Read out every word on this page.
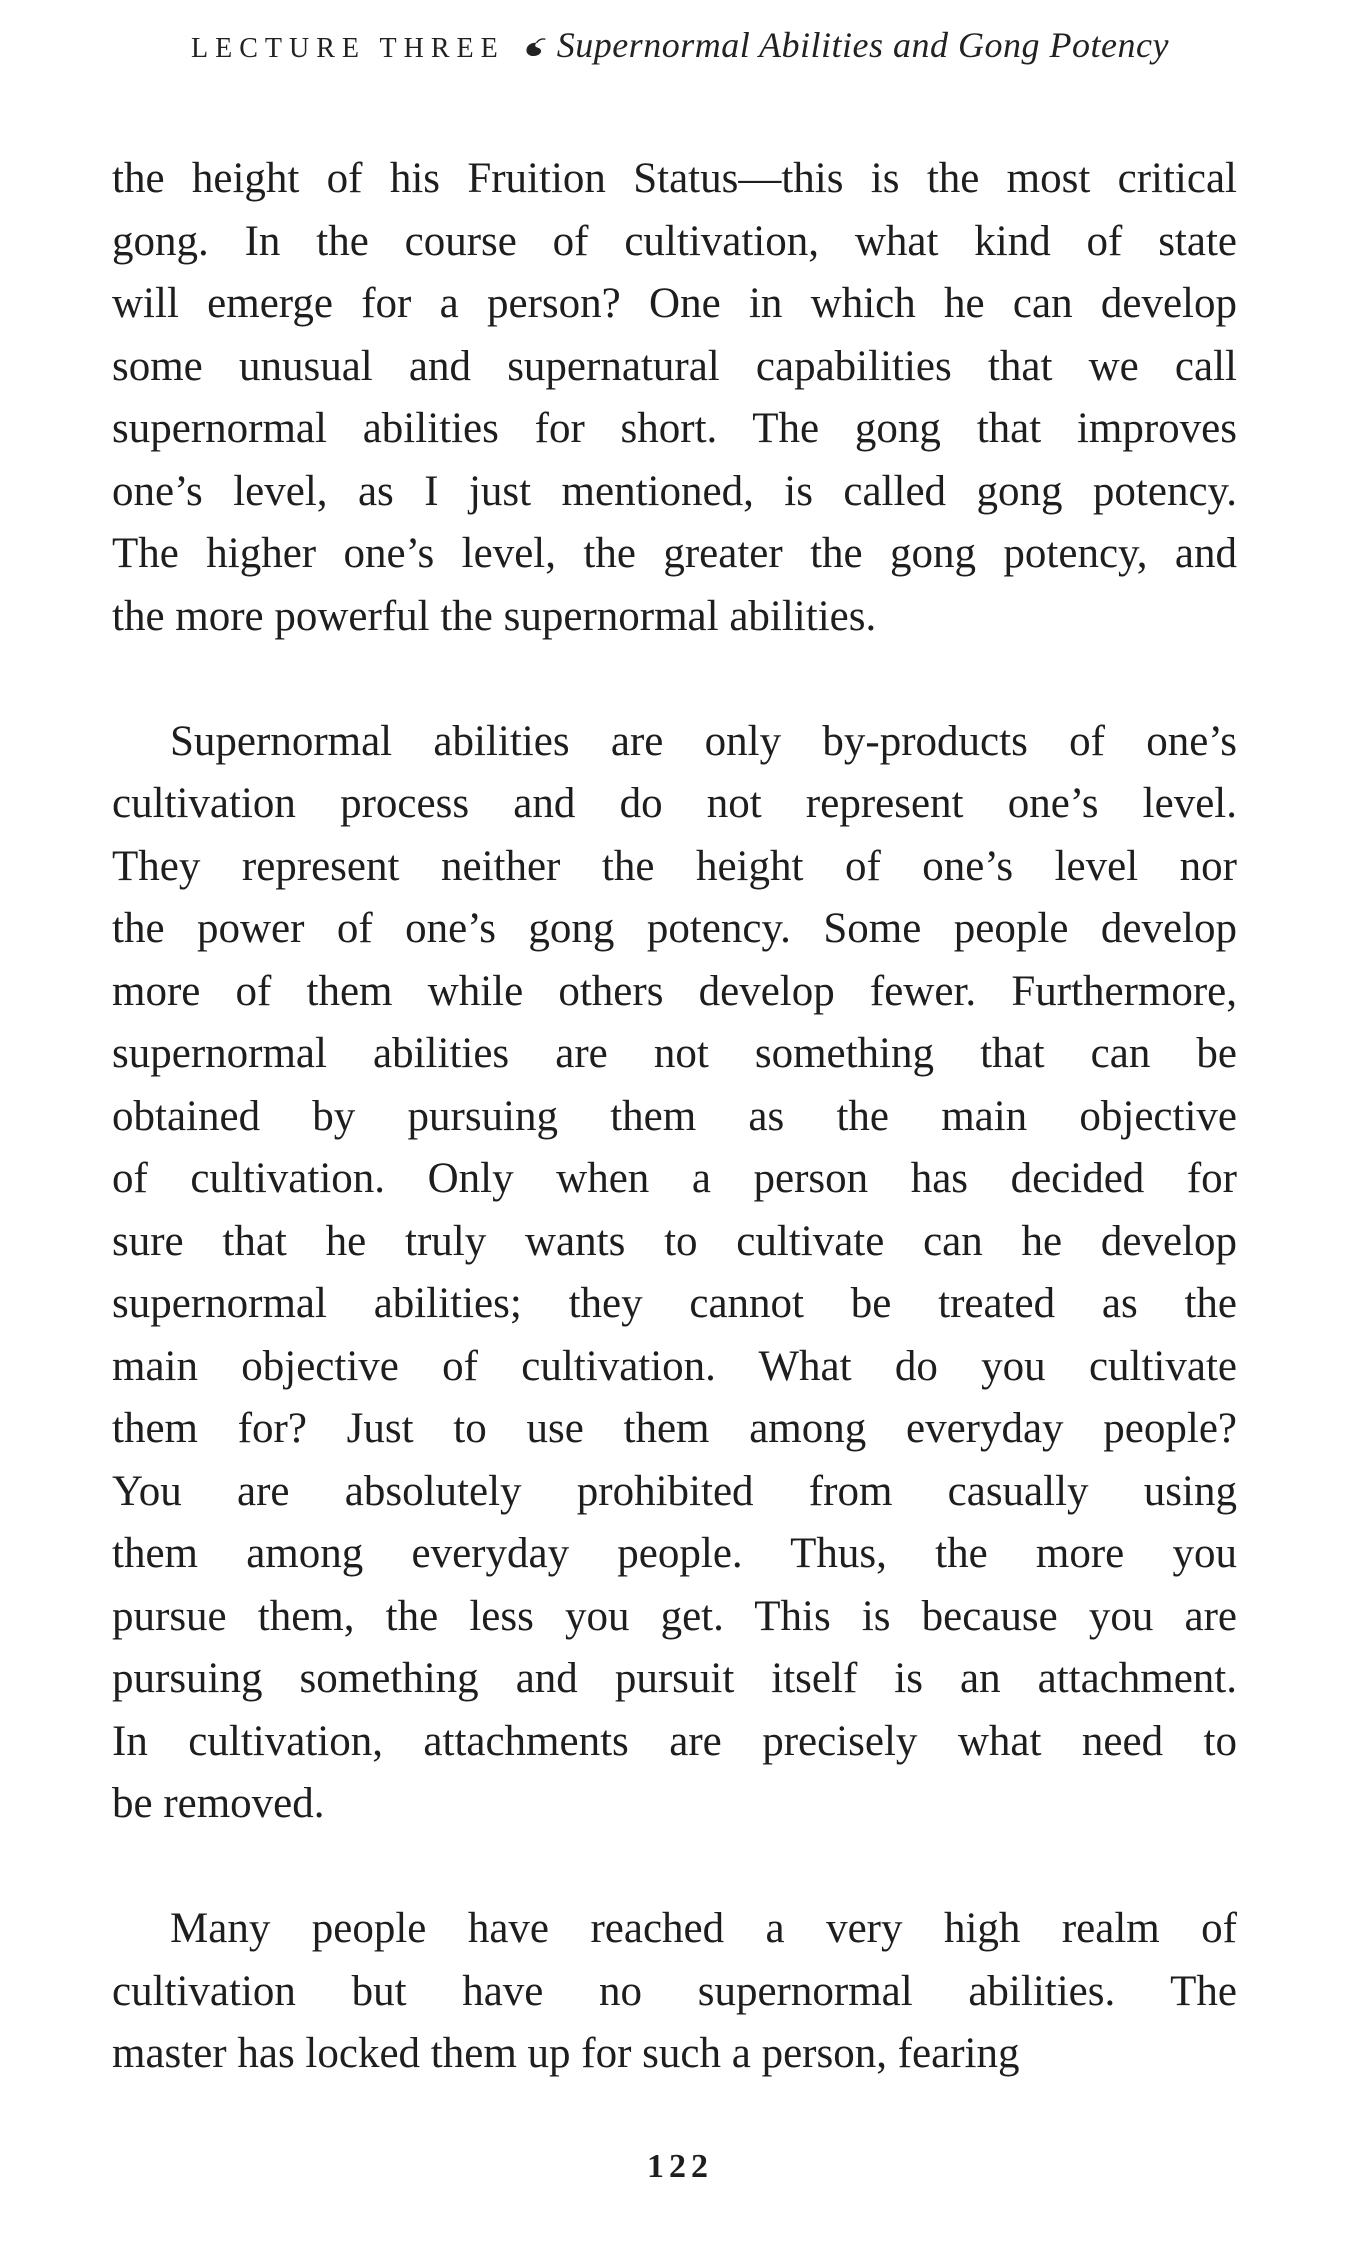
LECTURE THREE Supernormal Abilities and Gong Potency
the height of his Fruition Status—this is the most critical
gong. In the course of cultivation, what kind of state
will emerge for a person? One in which he can develop
some unusual and supernatural capabilities that we call
supernormal abilities for short. The gong that improves
one’s level, as I just mentioned, is called gong potency.
The higher one’s level, the greater the gong potency, and
the more powerful the supernormal abilities.
Supernormal abilities are only by-products of one’s
cultivation process and do not represent one’s level.
They represent neither the height of one’s level nor
the power of one’s gong potency. Some people develop
more of them while others develop fewer. Furthermore,
supernormal abilities are not something that can be
obtained by pursuing them as the main objective
of cultivation. Only when a person has decided for
sure that he truly wants to cultivate can he develop
supernormal abilities; they cannot be treated as the
main objective of cultivation. What do you cultivate
them for? Just to use them among everyday people?
You are absolutely prohibited from casually using
them among everyday people. Thus, the more you
pursue them, the less you get. This is because you are
pursuing something and pursuit itself is an attachment.
In cultivation, attachments are precisely what need to
be removed.
Many people have reached a very high realm of
cultivation but have no supernormal abilities. The
master has locked them up for such a person, fearing
122
